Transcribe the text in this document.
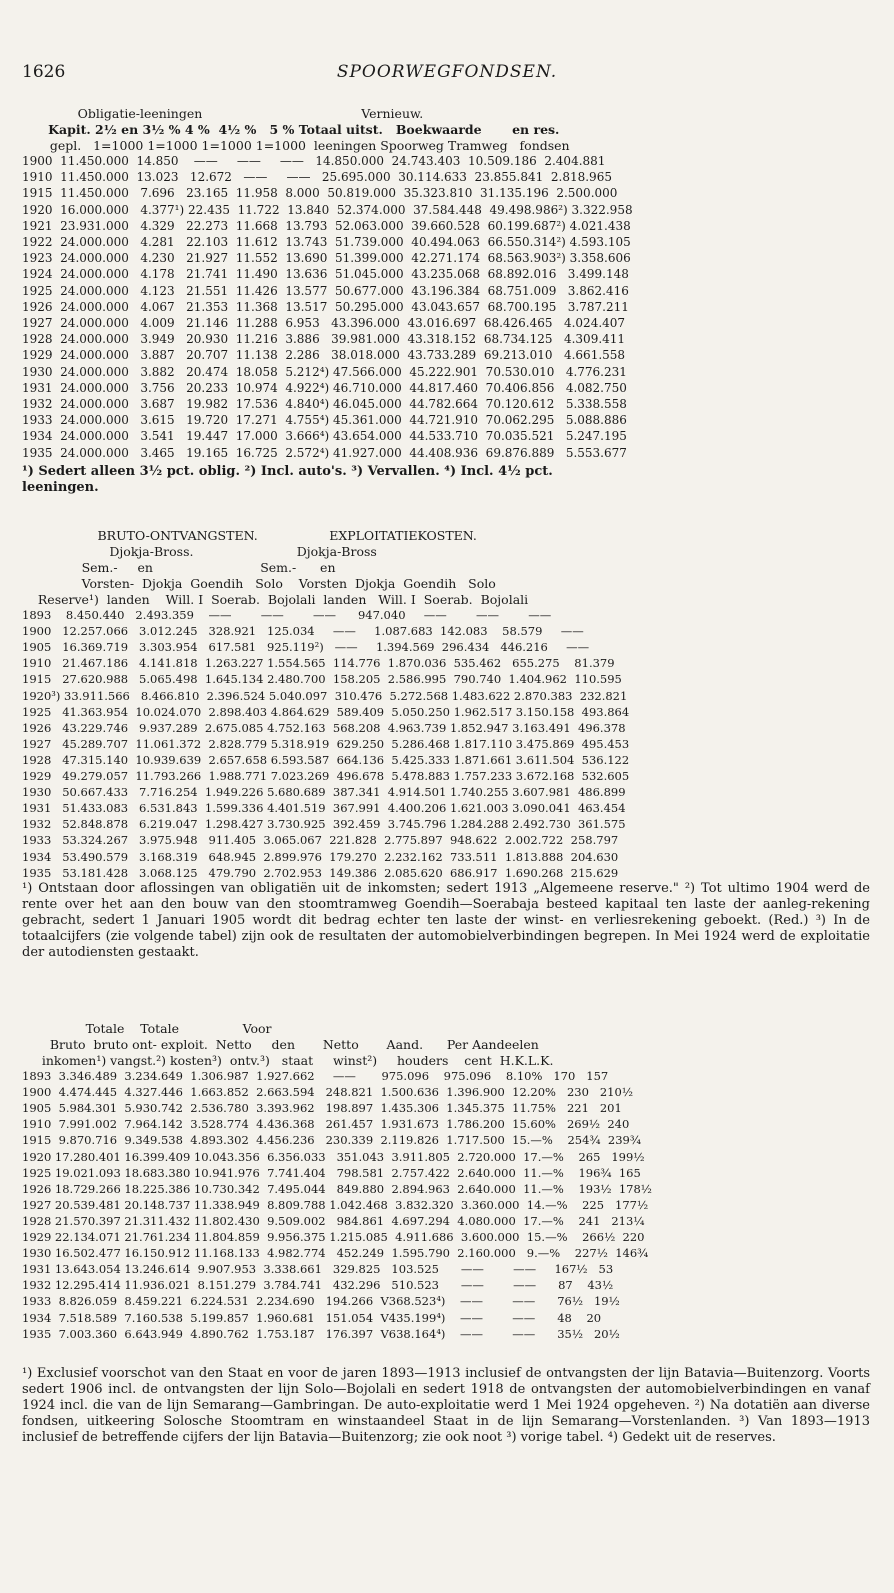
1626	SPOORWEGFONDSEN.
Obligatie-leeningen                                        Vernieuw.
Kapit. 2½ en 3½ % 4 %  4½ %   5 % Totaal uitst.   Boekwaarde       en res.
gepl.   1=1000 1=1000 1=1000 1=1000  leeningen Spoorweg Tramweg   fondsen
1900  11.450.000  14.850    ——     ——     ——   14.850.000  24.743.403  10.509.186  2.404.881
1910  11.450.000  13.023   12.672   ——     ——   25.695.000  30.114.633  23.855.841  2.818.965
1915  11.450.000   7.696   23.165  11.958  8.000  50.819.000  35.323.810  31.135.196  2.500.000
1920  16.000.000   4.377¹) 22.435  11.722  13.840  52.374.000  37.584.448  49.498.986²) 3.322.958
1921  23.931.000   4.329   22.273  11.668  13.793  52.063.000  39.660.528  60.199.687²) 4.021.438
1922  24.000.000   4.281   22.103  11.612  13.743  51.739.000  40.494.063  66.550.314²) 4.593.105
1923  24.000.000   4.230   21.927  11.552  13.690  51.399.000  42.271.174  68.563.903²) 3.358.606
1924  24.000.000   4.178   21.741  11.490  13.636  51.045.000  43.235.068  68.892.016   3.499.148
1925  24.000.000   4.123   21.551  11.426  13.577  50.677.000  43.196.384  68.751.009   3.862.416
1926  24.000.000   4.067   21.353  11.368  13.517  50.295.000  43.043.657  68.700.195   3.787.211
1927  24.000.000   4.009   21.146  11.288  6.953   43.396.000  43.016.697  68.426.465   4.024.407
1928  24.000.000   3.949   20.930  11.216  3.886   39.981.000  43.318.152  68.734.125   4.309.411
1929  24.000.000   3.887   20.707  11.138  2.286   38.018.000  43.733.289  69.213.010   4.661.558
1930  24.000.000   3.882   20.474  18.058  5.212⁴) 47.566.000  45.222.901  70.530.010   4.776.231
1931  24.000.000   3.756   20.233  10.974  4.922⁴) 46.710.000  44.817.460  70.406.856   4.082.750
1932  24.000.000   3.687   19.982  17.536  4.840⁴) 46.045.000  44.782.664  70.120.612   5.338.558
1933  24.000.000   3.615   19.720  17.271  4.755⁴) 45.361.000  44.721.910  70.062.295   5.088.886
1934  24.000.000   3.541   19.447  17.000  3.666⁴) 43.654.000  44.533.710  70.035.521   5.247.195
1935  24.000.000   3.465   19.165  16.725  2.572⁴) 41.927.000  44.408.936  69.876.889   5.553.677
¹) Sedert alleen 3½ pct. oblig. ²) Incl. auto's. ³) Vervallen. ⁴) Incl. 4½ pct.
leeningen.
BRUTO-ONTVANGSTEN.                  EXPLOITATIEKOSTEN.
Djokja-Bross.                          Djokja-Bross
Sem.-     en                           Sem.-      en
Vorsten-  Djokja  Goendih   Solo    Vorsten  Djokja  Goendih   Solo
Reserve¹)  landen    Will. I  Soerab.  Bojolali  landen   Will. I  Soerab.  Bojolali
1893    8.450.440   2.493.359    ——        ——        ——      947.040     ——        ——        ——
1900   12.257.066   3.012.245   328.921   125.034     ——     1.087.683  142.083    58.579     ——
1905   16.369.719   3.303.954   617.581   925.119²)   ——     1.394.569  296.434   446.216     ——
1910   21.467.186   4.141.818  1.263.227 1.554.565  114.776  1.870.036  535.462   655.275    81.379
1915   27.620.988   5.065.498  1.645.134 2.480.700  158.205  2.586.995  790.740  1.404.962  110.595
1920³) 33.911.566   8.466.810  2.396.524 5.040.097  310.476  5.272.568 1.483.622 2.870.383  232.821
1925   41.363.954  10.024.070  2.898.403 4.864.629  589.409  5.050.250 1.962.517 3.150.158  493.864
1926   43.229.746   9.937.289  2.675.085 4.752.163  568.208  4.963.739 1.852.947 3.163.491  496.378
1927   45.289.707  11.061.372  2.828.779 5.318.919  629.250  5.286.468 1.817.110 3.475.869  495.453
1928   47.315.140  10.939.639  2.657.658 6.593.587  664.136  5.425.333 1.871.661 3.611.504  536.122
1929   49.279.057  11.793.266  1.988.771 7.023.269  496.678  5.478.883 1.757.233 3.672.168  532.605
1930   50.667.433   7.716.254  1.949.226 5.680.689  387.341  4.914.501 1.740.255 3.607.981  486.899
1931   51.433.083   6.531.843  1.599.336 4.401.519  367.991  4.400.206 1.621.003 3.090.041  463.454
1932   52.848.878   6.219.047  1.298.427 3.730.925  392.459  3.745.796 1.284.288 2.492.730  361.575
1933   53.324.267   3.975.948   911.405  3.065.067  221.828  2.775.897  948.622  2.002.722  258.797
1934   53.490.579   3.168.319   648.945  2.899.976  179.270  2.232.162  733.511  1.813.888  204.630
1935   53.181.428   3.068.125   479.790  2.702.953  149.386  2.085.620  686.917  1.690.268  215.629
¹) Ontstaan door aflossingen van obligatiën uit de inkomsten; sedert 1913 „Algemeene reserve." ²) Tot ultimo 1904 werd de rente over het aan den bouw van den stoomtramweg Goendih—Soerabaja besteed kapitaal ten laste der aanleg-rekening gebracht, sedert 1 Januari 1905 wordt dit bedrag echter ten laste der winst- en verliesrekening geboekt. (Red.) ³) In de totaalcijfers (zie volgende tabel) zijn ook de resultaten der automobielverbindingen begrepen. In Mei 1924 werd de exploitatie der autodiensten gestaakt.
Totale    Totale                Voor
Bruto  bruto ont- exploit.  Netto     den       Netto       Aand.      Per Aandeelen
inkomen¹) vangst.²) kosten³)  ontv.³)   staat     winst²)     houders    cent  H.K.L.K.
1893  3.346.489  3.234.649  1.306.987  1.927.662     ——       975.096    975.096    8.10%   170   157
1900  4.474.445  4.327.446  1.663.852  2.663.594   248.821  1.500.636  1.396.900  12.20%   230   210½
1905  5.984.301  5.930.742  2.536.780  3.393.962   198.897  1.435.306  1.345.375  11.75%   221   201
1910  7.991.002  7.964.142  3.528.774  4.436.368   261.457  1.931.673  1.786.200  15.60%   269½  240
1915  9.870.716  9.349.538  4.893.302  4.456.236   230.339  2.119.826  1.717.500  15.—%    254¾  239¾
1920 17.280.401 16.399.409 10.043.356  6.356.033   351.043  3.911.805  2.720.000  17.—%    265   199½
1925 19.021.093 18.683.380 10.941.976  7.741.404   798.581  2.757.422  2.640.000  11.—%    196¾  165
1926 18.729.266 18.225.386 10.730.342  7.495.044   849.880  2.894.963  2.640.000  11.—%    193½  178½
1927 20.539.481 20.148.737 11.338.949  8.809.788 1.042.468  3.832.320  3.360.000  14.—%    225   177½
1928 21.570.397 21.311.432 11.802.430  9.509.002   984.861  4.697.294  4.080.000  17.—%    241   213¼
1929 22.134.071 21.761.234 11.804.859  9.956.375 1.215.085  4.911.686  3.600.000  15.—%    266½  220
1930 16.502.477 16.150.912 11.168.133  4.982.774   452.249  1.595.790  2.160.000   9.—%    227½  146¾
1931 13.643.054 13.246.614  9.907.953  3.338.661   329.825   103.525      ——        ——     167½   53
1932 12.295.414 11.936.021  8.151.279  3.784.741   432.296   510.523      ——        ——      87    43½
1933  8.826.059  8.459.221  6.224.531  2.234.690   194.266  V368.523⁴)    ——        ——      76½   19½
1934  7.518.589  7.160.538  5.199.857  1.960.681   151.054  V435.199⁴)    ——        ——      48    20
1935  7.003.360  6.643.949  4.890.762  1.753.187   176.397  V638.164⁴)    ——        ——      35½   20½
¹) Exclusief voorschot van den Staat en voor de jaren 1893—1913 inclusief de ontvangsten der lijn Batavia—Buitenzorg. Voorts sedert 1906 incl. de ontvangsten der lijn Solo—Bojolali en sedert 1918 de ontvangsten der automobielverbindingen en vanaf 1924 incl. die van de lijn Semarang—Gambringan. De auto-exploitatie werd 1 Mei 1924 opgeheven. ²) Na dotatiën aan diverse fondsen, uitkeering Solosche Stoomtram en winstaandeel Staat in de lijn Semarang—Vorstenlanden. ³) Van 1893—1913 inclusief de betreffende cijfers der lijn Batavia—Buitenzorg; zie ook noot ³) vorige tabel. ⁴) Gedekt uit de reserves.
